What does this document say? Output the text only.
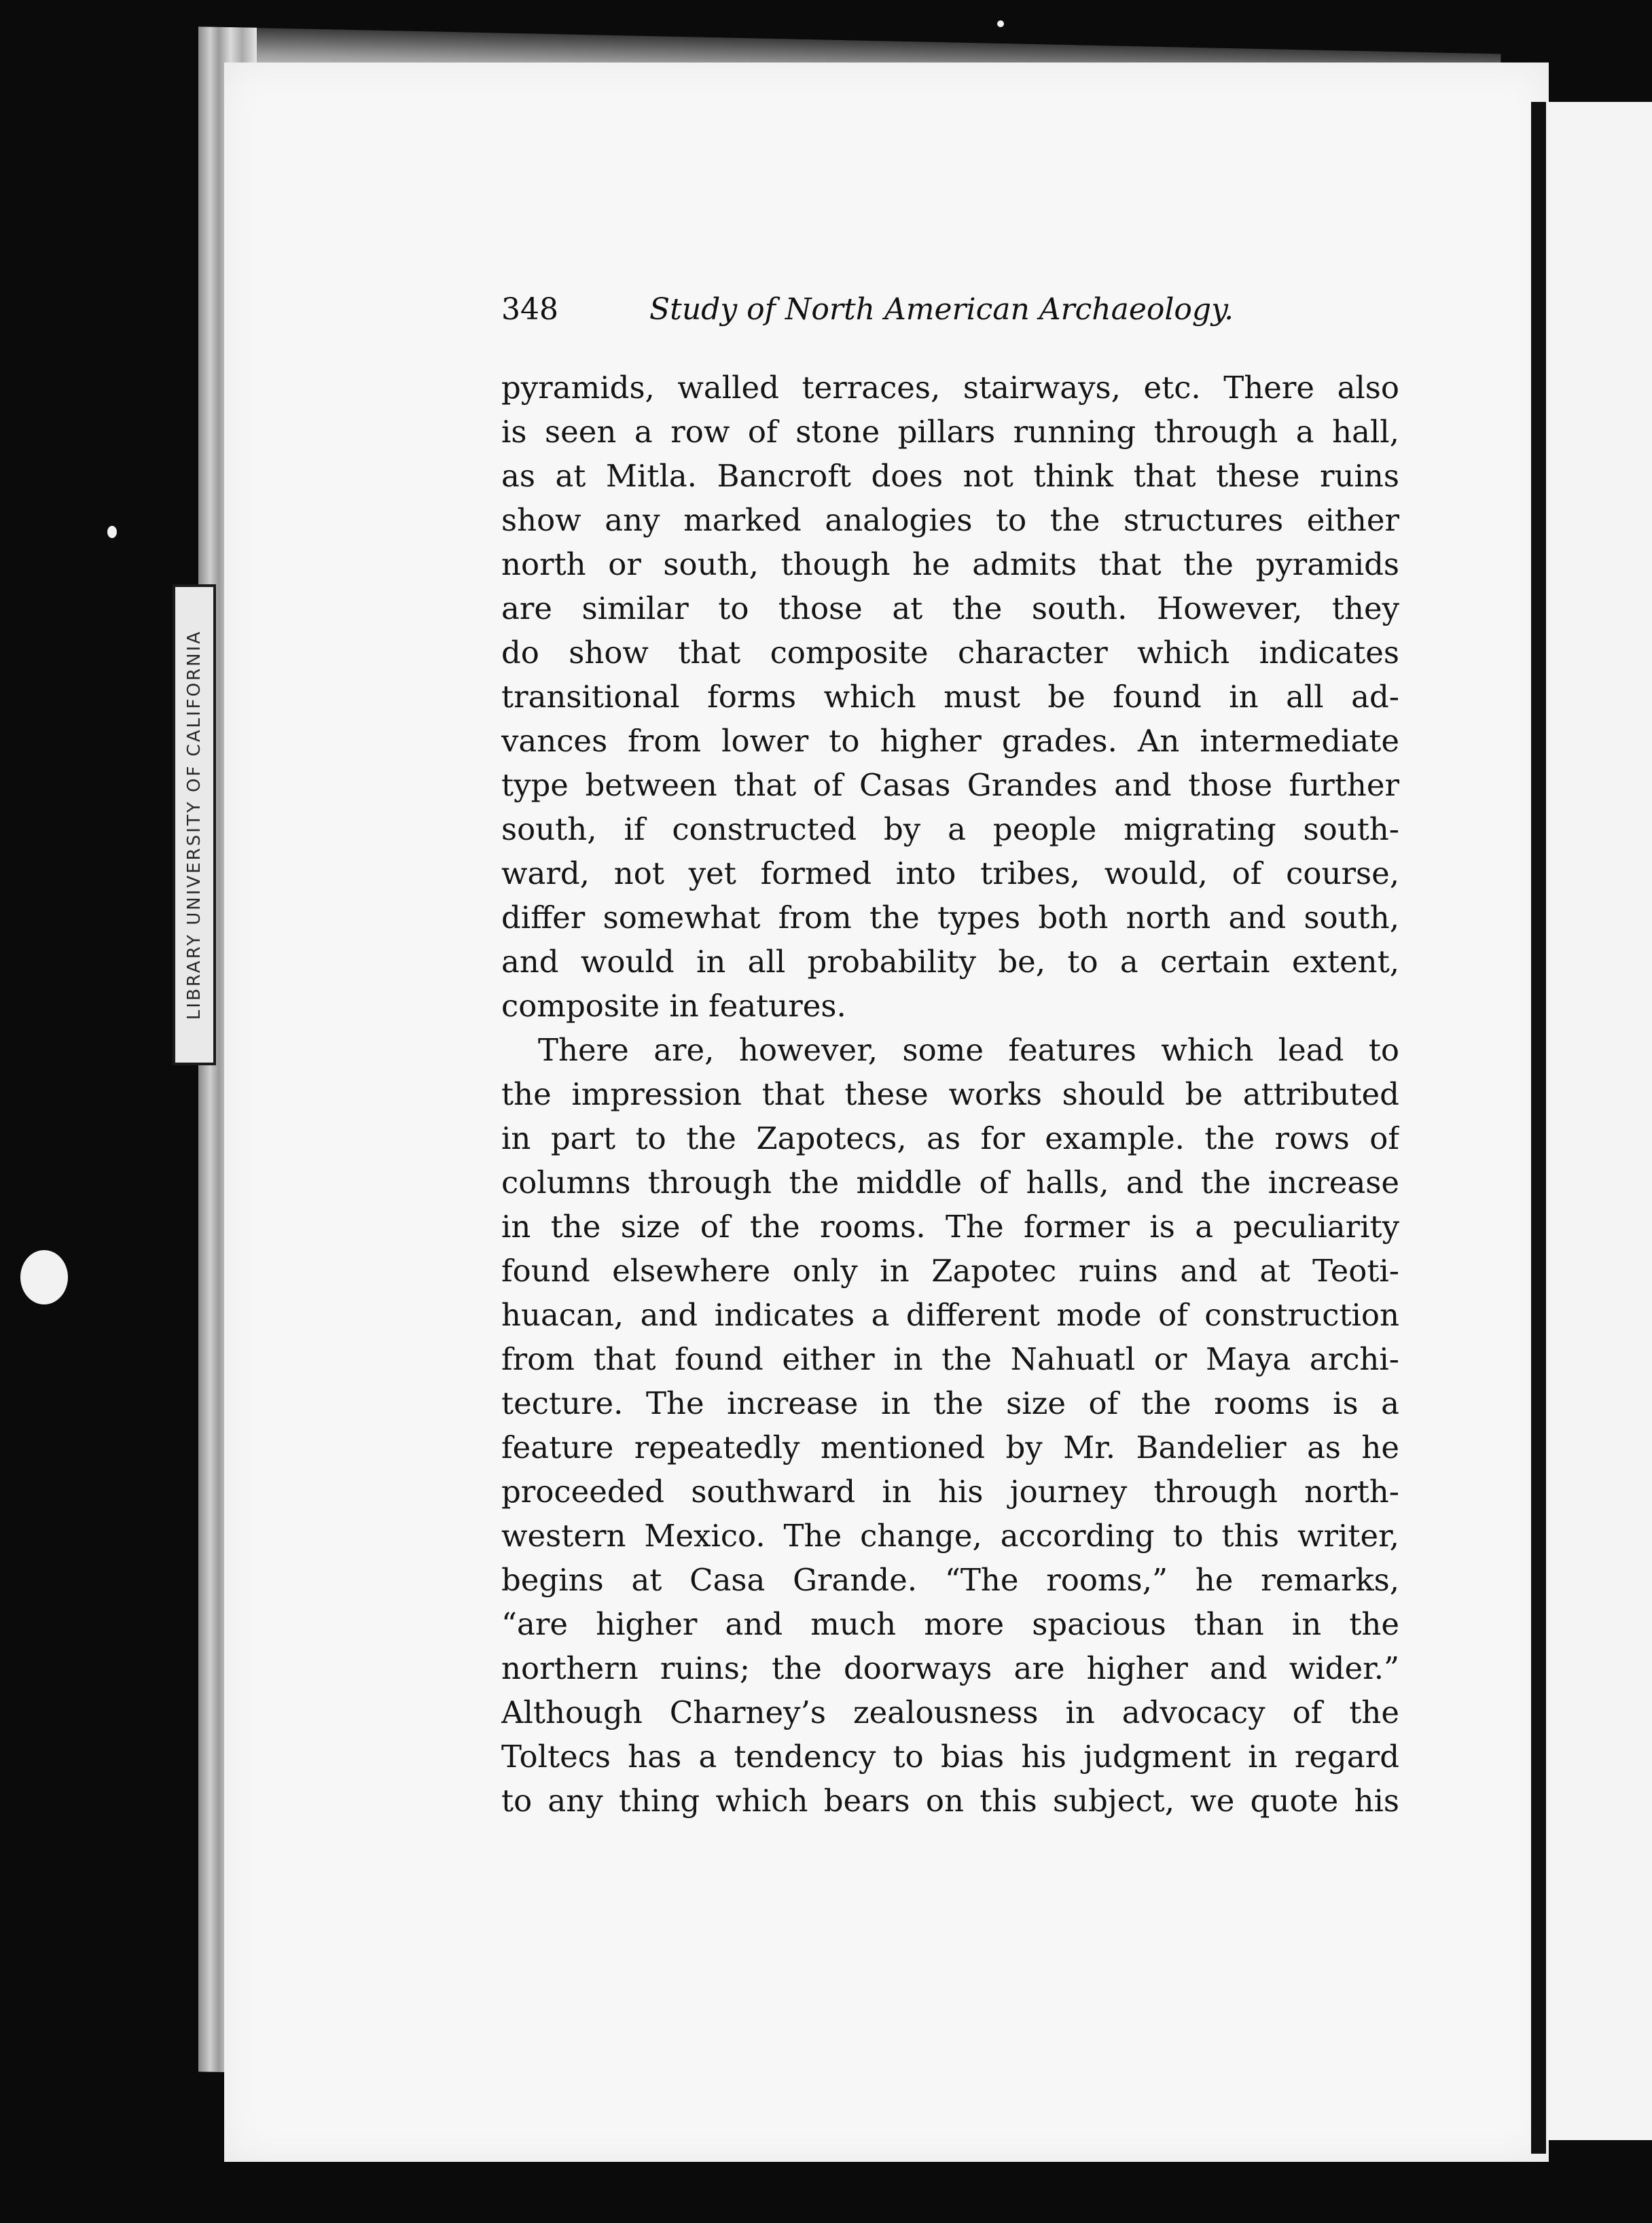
LIBRARY UNIVERSITY OF CALIFORNIA
348	Study of North American Archaeology.
pyramids, walled terraces, stairways, etc. There also
is seen a row of stone pillars running through a hall,
as at Mitla. Bancroft does not think that these ruins
show any marked analogies to the structures either
north or south, though he admits that the pyramids
are similar to those at the south. However, they
do show that composite character which indicates
transitional forms which must be found in all ad-
vances from lower to higher grades. An intermediate
type between that of Casas Grandes and those further
south, if constructed by a people migrating south-
ward, not yet formed into tribes, would, of course,
differ somewhat from the types both north and south,
and would in all probability be, to a certain extent,
composite in features.
There are, however, some features which lead to
the impression that these works should be attributed
in part to the Zapotecs, as for example. the rows of
columns through the middle of halls, and the increase
in the size of the rooms. The former is a peculiarity
found elsewhere only in Zapotec ruins and at Teoti-
huacan, and indicates a different mode of construction
from that found either in the Nahuatl or Maya archi-
tecture. The increase in the size of the rooms is a
feature repeatedly mentioned by Mr. Bandelier as he
proceeded southward in his journey through north-
western Mexico. The change, according to this writer,
begins at Casa Grande. “The rooms,” he remarks,
“are higher and much more spacious than in the
northern ruins; the doorways are higher and wider.”
Although Charney’s zealousness in advocacy of the
Toltecs has a tendency to bias his judgment in regard
to any thing which bears on this subject, we quote his
